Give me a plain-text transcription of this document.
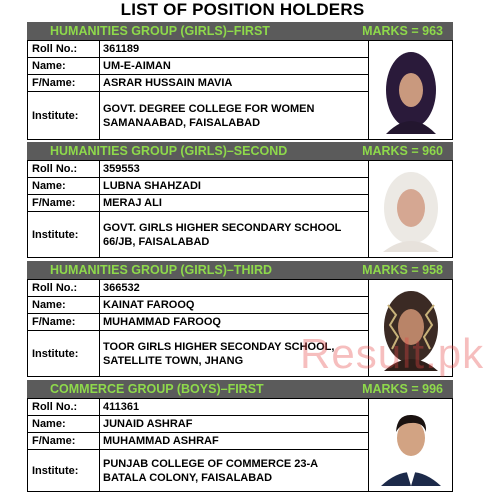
LIST OF POSITION HOLDERS
HUMANITIES GROUP (GIRLS)–FIRST	MARKS = 963
Roll No.:	361189
Name:	UM-E-AIMAN
F/Name:	ASRAR HUSSAIN MAVIA
Institute:
GOVT. DEGREE COLLEGE FOR WOMEN
SAMANAABAD, FAISALABAD
HUMANITIES GROUP (GIRLS)–SECOND	MARKS = 960
Roll No.:	359553
Name:	LUBNA SHAHZADI
F/Name:	MERAJ ALI
Institute:
GOVT. GIRLS HIGHER SECONDARY SCHOOL
66/JB, FAISALABAD
HUMANITIES GROUP (GIRLS)–THIRD	MARKS = 958
Roll No.:	366532
Name:	KAINAT FAROOQ
F/Name:	MUHAMMAD FAROOQ
Institute:
TOOR GIRLS HIGHER SECONDAY SCHOOL,
SATELLITE TOWN, JHANG
COMMERCE GROUP (BOYS)–FIRST	MARKS = 996
Roll No.:	411361
Name:	JUNAID ASHRAF
F/Name:	MUHAMMAD ASHRAF
Institute:
PUNJAB COLLEGE OF COMMERCE 23-A
BATALA COLONY, FAISALABAD
Result.pk
